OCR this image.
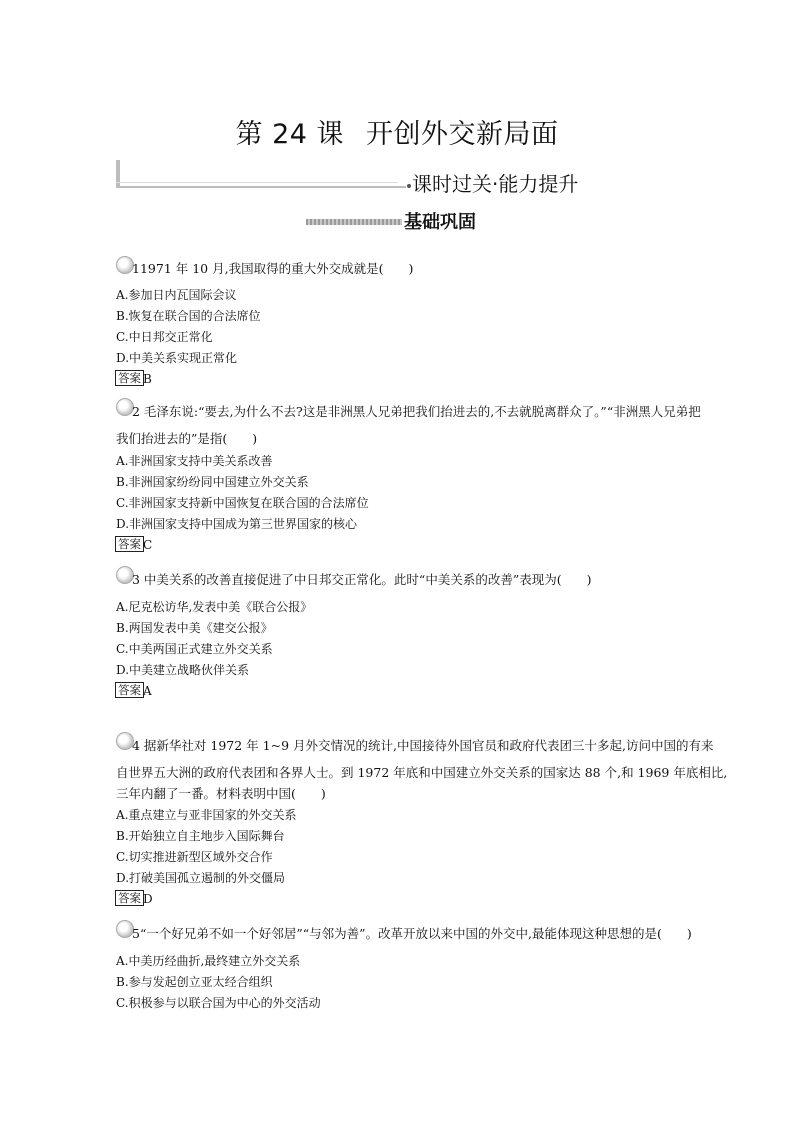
第 24 课 开创外交新局面
课时过关·能力提升
基础巩固
11971 年 10 月,我国取得的重大外交成就是(　　)
A.参加日内瓦国际会议
B.恢复在联合国的合法席位
C.中日邦交正常化
D.中美关系实现正常化
答案 B
2 毛泽东说:“要去,为什么不去?这是非洲黑人兄弟把我们抬进去的,不去就脱离群众了。”“非洲黑人兄弟把
我们抬进去的”是指(　　)
A.非洲国家支持中美关系改善
B.非洲国家纷纷同中国建立外交关系
C.非洲国家支持新中国恢复在联合国的合法席位
D.非洲国家支持中国成为第三世界国家的核心
答案 C
3 中美关系的改善直接促进了中日邦交正常化。此时“中美关系的改善”表现为(　　)
A.尼克松访华,发表中美《联合公报》
B.两国发表中美《建交公报》
C.中美两国正式建立外交关系
D.中美建立战略伙伴关系
答案 A
4 据新华社对 1972 年 1~9 月外交情况的统计,中国接待外国官员和政府代表团三十多起,访问中国的有来
自世界五大洲的政府代表团和各界人士。到 1972 年底和中国建立外交关系的国家达 88 个,和 1969 年底相比,
三年内翻了一番。材料表明中国(　　)
A.重点建立与亚非国家的外交关系
B.开始独立自主地步入国际舞台
C.切实推进新型区域外交合作
D.打破美国孤立遏制的外交僵局
答案 D
5“一个好兄弟不如一个好邻居”“与邻为善”。改革开放以来中国的外交中,最能体现这种思想的是(　　)
A.中美历经曲折,最终建立外交关系
B.参与发起创立亚太经合组织
C.积极参与以联合国为中心的外交活动
